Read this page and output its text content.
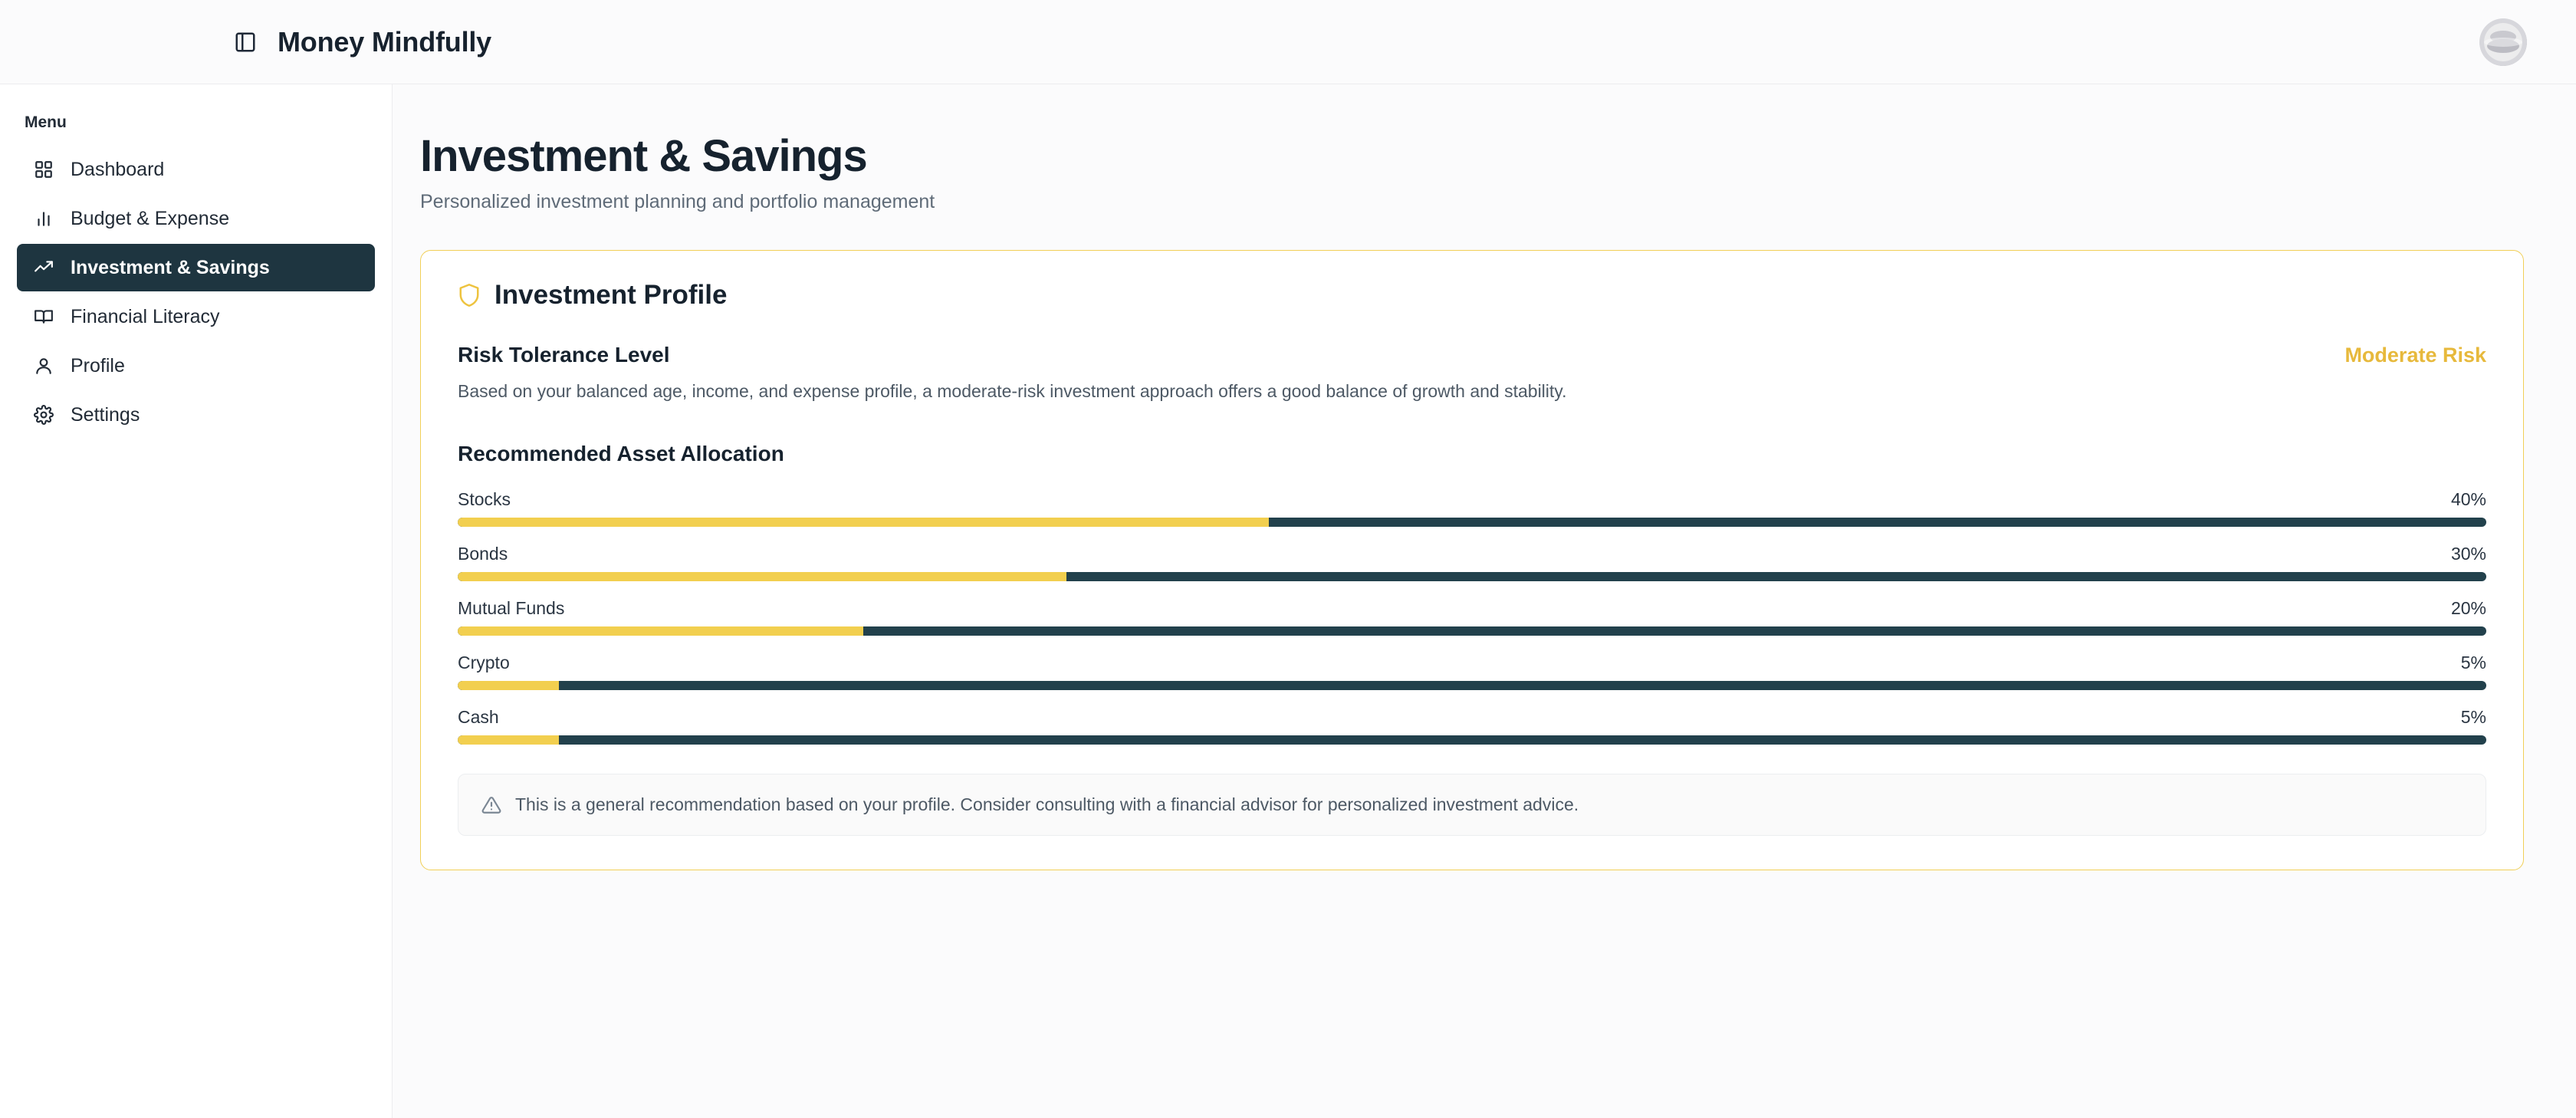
Money Mindfully
Menu
Dashboard
Budget & Expense
Investment & Savings
Financial Literacy
Profile
Settings
Investment & Savings

Personalized investment planning and portfolio management

Investment Profile
Risk Tolerance Level	Moderate Risk
Based on your balanced age, income, and expense profile, a moderate-risk investment approach offers a good balance of growth and stability.
Recommended Asset Allocation
Stocks	40%
Bonds	30%
Mutual Funds	20%
Crypto	5%
Cash	5%
This is a general recommendation based on your profile. Consider consulting with a financial advisor for personalized investment advice.
